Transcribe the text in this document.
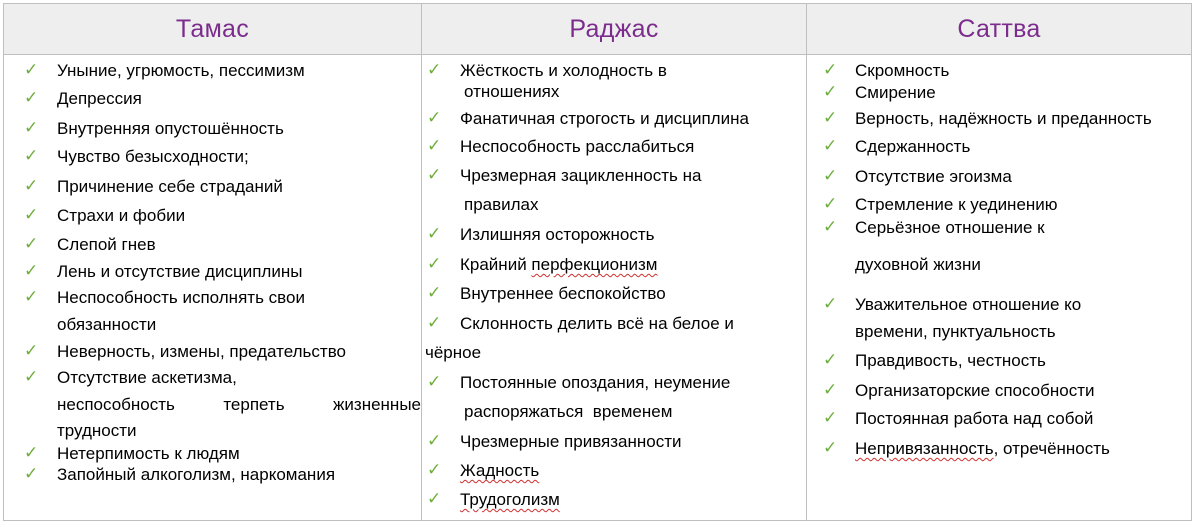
Тамас
✓ Уныние, угрюмость, пессимизм
✓ Депрессия
✓ Внутренняя опустошённость
✓ Чувство безысходности;
✓ Причинение себе страданий
✓ Страхи и фобии
✓ Слепой гнев
✓ Лень и отсутствие дисциплины
✓ Неспособность исполнять свои
обязанности
✓ Неверность, измены, предательство
✓ Отсутствие аскетизма,
неспособность	терпеть	жизненные
трудности
✓ Нетерпимость к людям
✓ Запойный алкоголизм, наркомания
Раджас
✓ Жёсткость и холодность в
отношениях
✓ Фанатичная строгость и дисциплина
✓ Неспособность расслабиться
✓ Чрезмерная зацикленность на
правилах
✓ Излишняя осторожность
✓ Крайний перфекционизм
✓ Внутреннее беспокойство
✓ Склонность делить всё на белое и
чёрное
✓ Постоянные опоздания, неумение
распоряжаться  временем
✓ Чрезмерные привязанности
✓ Жадность
✓ Трудоголизм
Саттва
✓ Скромность
✓ Смирение
✓ Верность, надёжность и преданность
✓ Сдержанность
✓ Отсутствие эгоизма
✓ Стремление к уединению
✓ Серьёзное отношение к
духовной жизни
✓ Уважительное отношение ко
времени, пунктуальность
✓ Правдивость, честность
✓ Организаторские способности
✓ Постоянная работа над собой
✓ Непривязанность, отречённость
